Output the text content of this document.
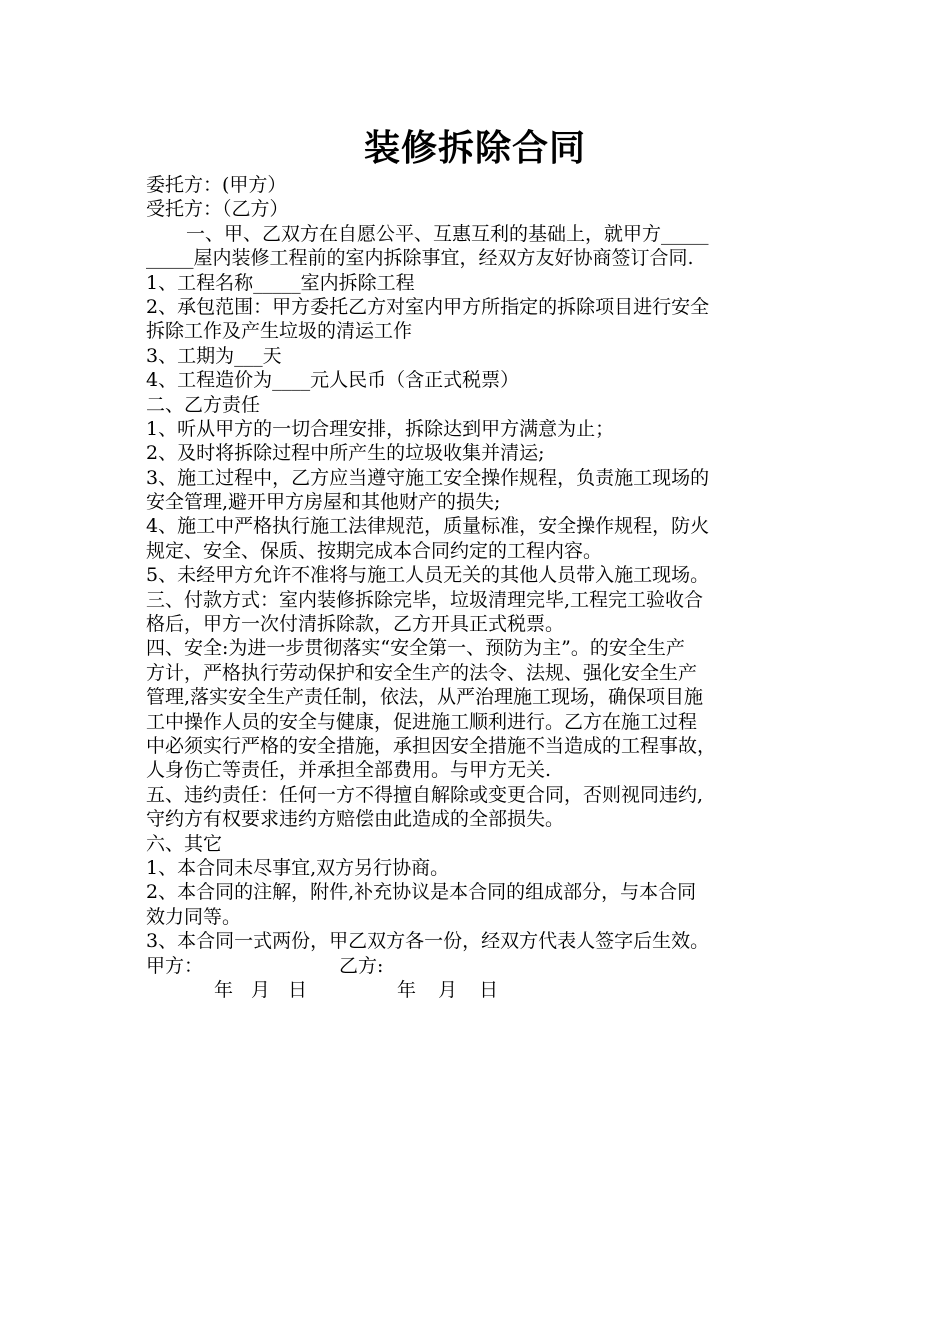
装修拆除合同
委托方：(甲方）
受托方：（乙方）
一、甲、乙双方在自愿公平、互惠互利的基础上，就甲方_____
_____屋内装修工程前的室内拆除事宜，经双方友好协商签订合同.
1、工程名称_____室内拆除工程
2、承包范围：甲方委托乙方对室内甲方所指定的拆除项目进行安全
拆除工作及产生垃圾的清运工作
3、工期为___天
4、工程造价为____元人民币（含正式税票）
二、乙方责任
1、听从甲方的一切合理安排，拆除达到甲方满意为止；
2、及时将拆除过程中所产生的垃圾收集并清运;
3、施工过程中，乙方应当遵守施工安全操作规程，负责施工现场的
安全管理,避开甲方房屋和其他财产的损失;
4、施工中严格执行施工法律规范，质量标准，安全操作规程，防火
规定、安全、保质、按期完成本合同约定的工程内容。
5、未经甲方允许不准将与施工人员无关的其他人员带入施工现场。
三、付款方式：室内装修拆除完毕，垃圾清理完毕,工程完工验收合
格后，甲方一次付清拆除款，乙方开具正式税票。
四、安全:为进一步贯彻落实“安全第一、预防为主”。的安全生产
方计，严格执行劳动保护和安全生产的法令、法规、强化安全生产
管理,落实安全生产责任制，依法，从严治理施工现场，确保项目施
工中操作人员的安全与健康，促进施工顺利进行。乙方在施工过程
中必须实行严格的安全措施，承担因安全措施不当造成的工程事故，
人身伤亡等责任，并承担全部费用。与甲方无关.
五、违约责任：任何一方不得擅自解除或变更合同，否则视同违约,
守约方有权要求违约方赔偿由此造成的全部损失。
六、其它
1、本合同未尽事宜,双方另行协商。
2、本合同的注解，附件,补充协议是本合同的组成部分，与本合同
效力同等。
3、本合同一式两份，甲乙双方各一份，经双方代表人签字后生效。
甲方：	乙方:
年 月 日	年 月 日
